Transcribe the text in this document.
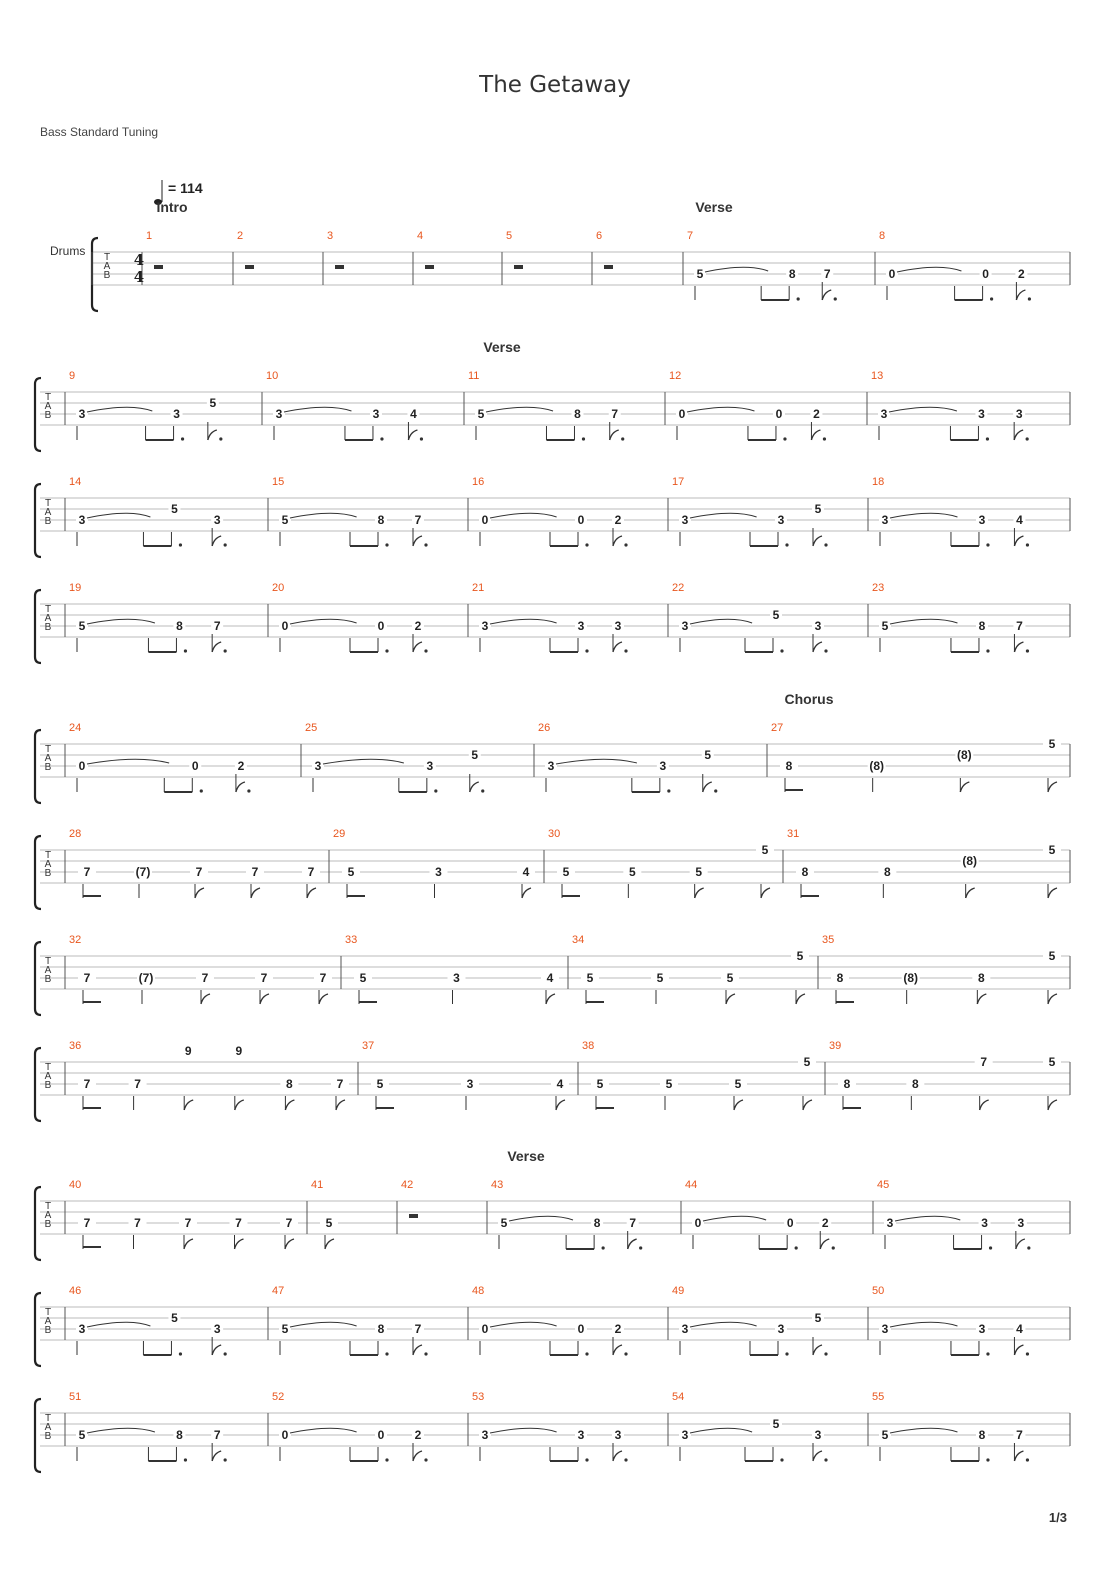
The Getaway
Bass Standard Tuning
T
A
B
1	2	3	4	5	6	7
5	8 7
8
0	0 2
T
A
B
9
3	3
5
10
3	3	4
11
5	8	7
12
0	0	2
13
3	3	3
T
A
B
14
3
5
3
15
5	8	7
16
0	0	2
17
3	3
5
18
3	3	4
T
A
B
19
5	8	7
20
0	0	2
21
3	3	3
22
3
5
3
23
5	8	7
T
A
B
24
0	0	2
25
3	3
5
26
3	3
5
27
8	(8)
(8)
5
T
A
B
28
7	(7)	7	7	7
29
5	3	4
30
5	5	5
5
31
8	8
(8)
5
T
A
B
32
7	(7)	7	7	7
33
5	3	4
34
5	5	5
5
35
8	(8)	8
5
T
A
B
36
7	7
9	9
8	7
37
5	3	4
38
5	5	5
5
39
8	8
7	5
T
A
B
40
7	7	7	7	7
41
5
42	43
5	8 7
44
0	0 2
45
3	3 3
T
A
B
46
3
5
3
47
5	8	7
48
0	0	2
49
3	3
5
50
3	3	4
T
A
B
51
5	8	7
52
0	0	2
53
3	3	3
54
3
5
3
55
5	8	7
4
4
Drums
= 114
Intro	Verse
Verse
Chorus
Verse
1/3
